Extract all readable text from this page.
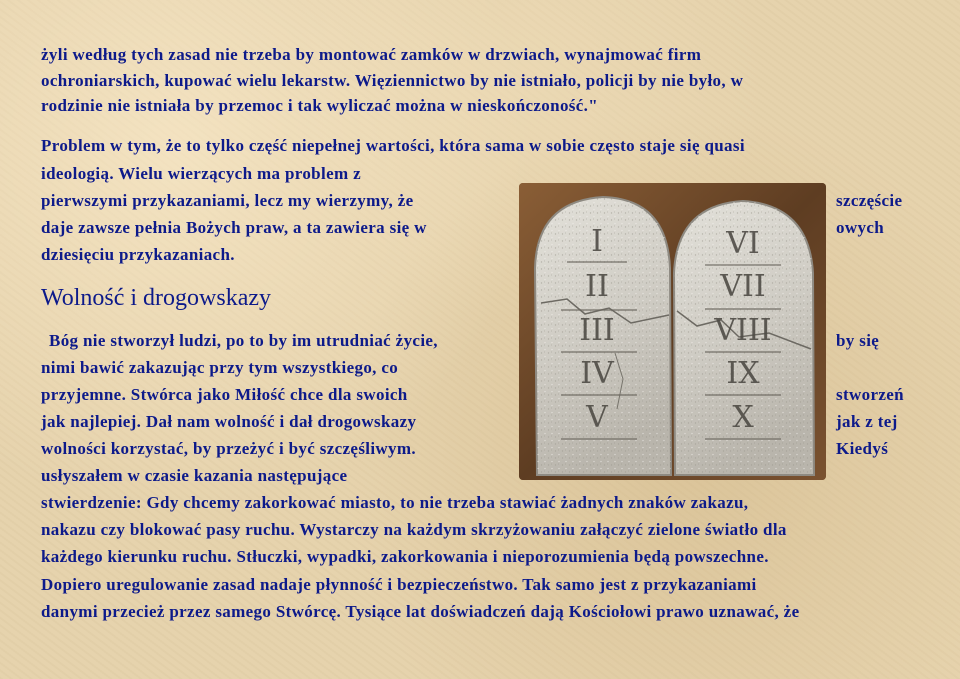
żyli według tych zasad nie trzeba by montować zamków w drzwiach, wynajmować firm

ochroniarskich, kupować wielu lekarstw. Więziennictwo by nie istniało, policji by nie było, w

rodzinie nie istniała by przemoc i tak wyliczać można w nieskończoność."

Problem w tym, że to tylko część niepełnej wartości, która sama w sobie często staje się quasi

ideologią. Wielu wierzących ma problem z

pierwszymi przykazaniami, lecz my wierzymy, że

daje zawsze pełnia Bożych praw, a ta zawiera się w

dziesięciu przykazaniach.

szczęście

owych

Wolność i drogowskazy

Bóg nie stworzył ludzi, po to by im utrudniać życie,

nimi bawić zakazując przy tym wszystkiego, co

przyjemne. Stwórca jako Miłość chce dla swoich

jak najlepiej. Dał nam wolność i dał drogowskazy

wolności korzystać, by przeżyć i być szczęśliwym.

usłyszałem w czasie kazania następujące

by się

stworzeń

jak z tej

Kiedyś

stwierdzenie: Gdy chcemy zakorkować miasto, to nie trzeba stawiać żadnych znaków zakazu,

nakazu czy blokować pasy ruchu. Wystarczy na każdym skrzyżowaniu załączyć zielone światło dla

każdego kierunku ruchu. Stłuczki, wypadki, zakorkowania i nieporozumienia będą powszechne.

Dopiero uregulowanie zasad nadaje płynność i bezpieczeństwo. Tak samo jest z przykazaniami

danymi przecież przez samego Stwórcę. Tysiące lat doświadczeń dają Kościołowi prawo uznawać, że

I
II
III
IV
V
VI
VII
VIII
IX
X
